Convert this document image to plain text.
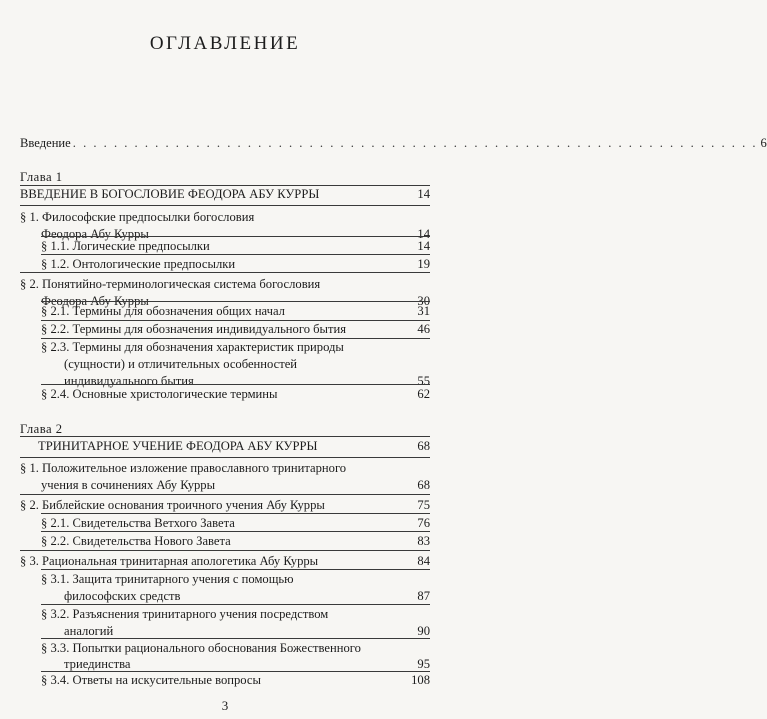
ОГЛАВЛЕНИЕ
Введение . . . . . . . . . . . . . . . . . . . . . . . . . . . . . . . . . . . . . . . . . . . . . . . . . . . . . . . . . . . . . . . . . . . 6
Глава 1
ВВЕДЕНИЕ В БОГОСЛОВИЕ ФЕОДОРА АБУ КУРРЫ	14
§ 1. Философские предпосылки богословия
Феодора Абу Курры	14
§ 1.1. Логические предпосылки	14
§ 1.2. Онтологические предпосылки	19
§ 2. Понятийно-терминологическая система богословия
Феодора Абу Курры	30
§ 2.1. Термины для обозначения общих начал	31
§ 2.2. Термины для обозначения индивидуального бытия	46
§ 2.3. Термины для обозначения характеристик природы
(сущности) и отличительных особенностей
индивидуального бытия	55
§ 2.4. Основные христологические термины	62
Глава 2
ТРИНИТАРНОЕ УЧЕНИЕ ФЕОДОРА АБУ КУРРЫ	68
§ 1. Положительное изложение православного тринитарного
учения в сочинениях Абу Курры	68
§ 2. Библейские основания троичного учения Абу Курры	75
§ 2.1. Свидетельства Ветхого Завета	76
§ 2.2. Свидетельства Нового Завета	83
§ 3. Рациональная тринитарная апологетика Абу Курры	84
§ 3.1. Защита тринитарного учения с помощью
философских средств	87
§ 3.2. Разъяснения тринитарного учения посредством
аналогий	90
§ 3.3. Попытки рационального обоснования Божественного
триединства	95
§ 3.4. Ответы на искусительные вопросы	108
3
